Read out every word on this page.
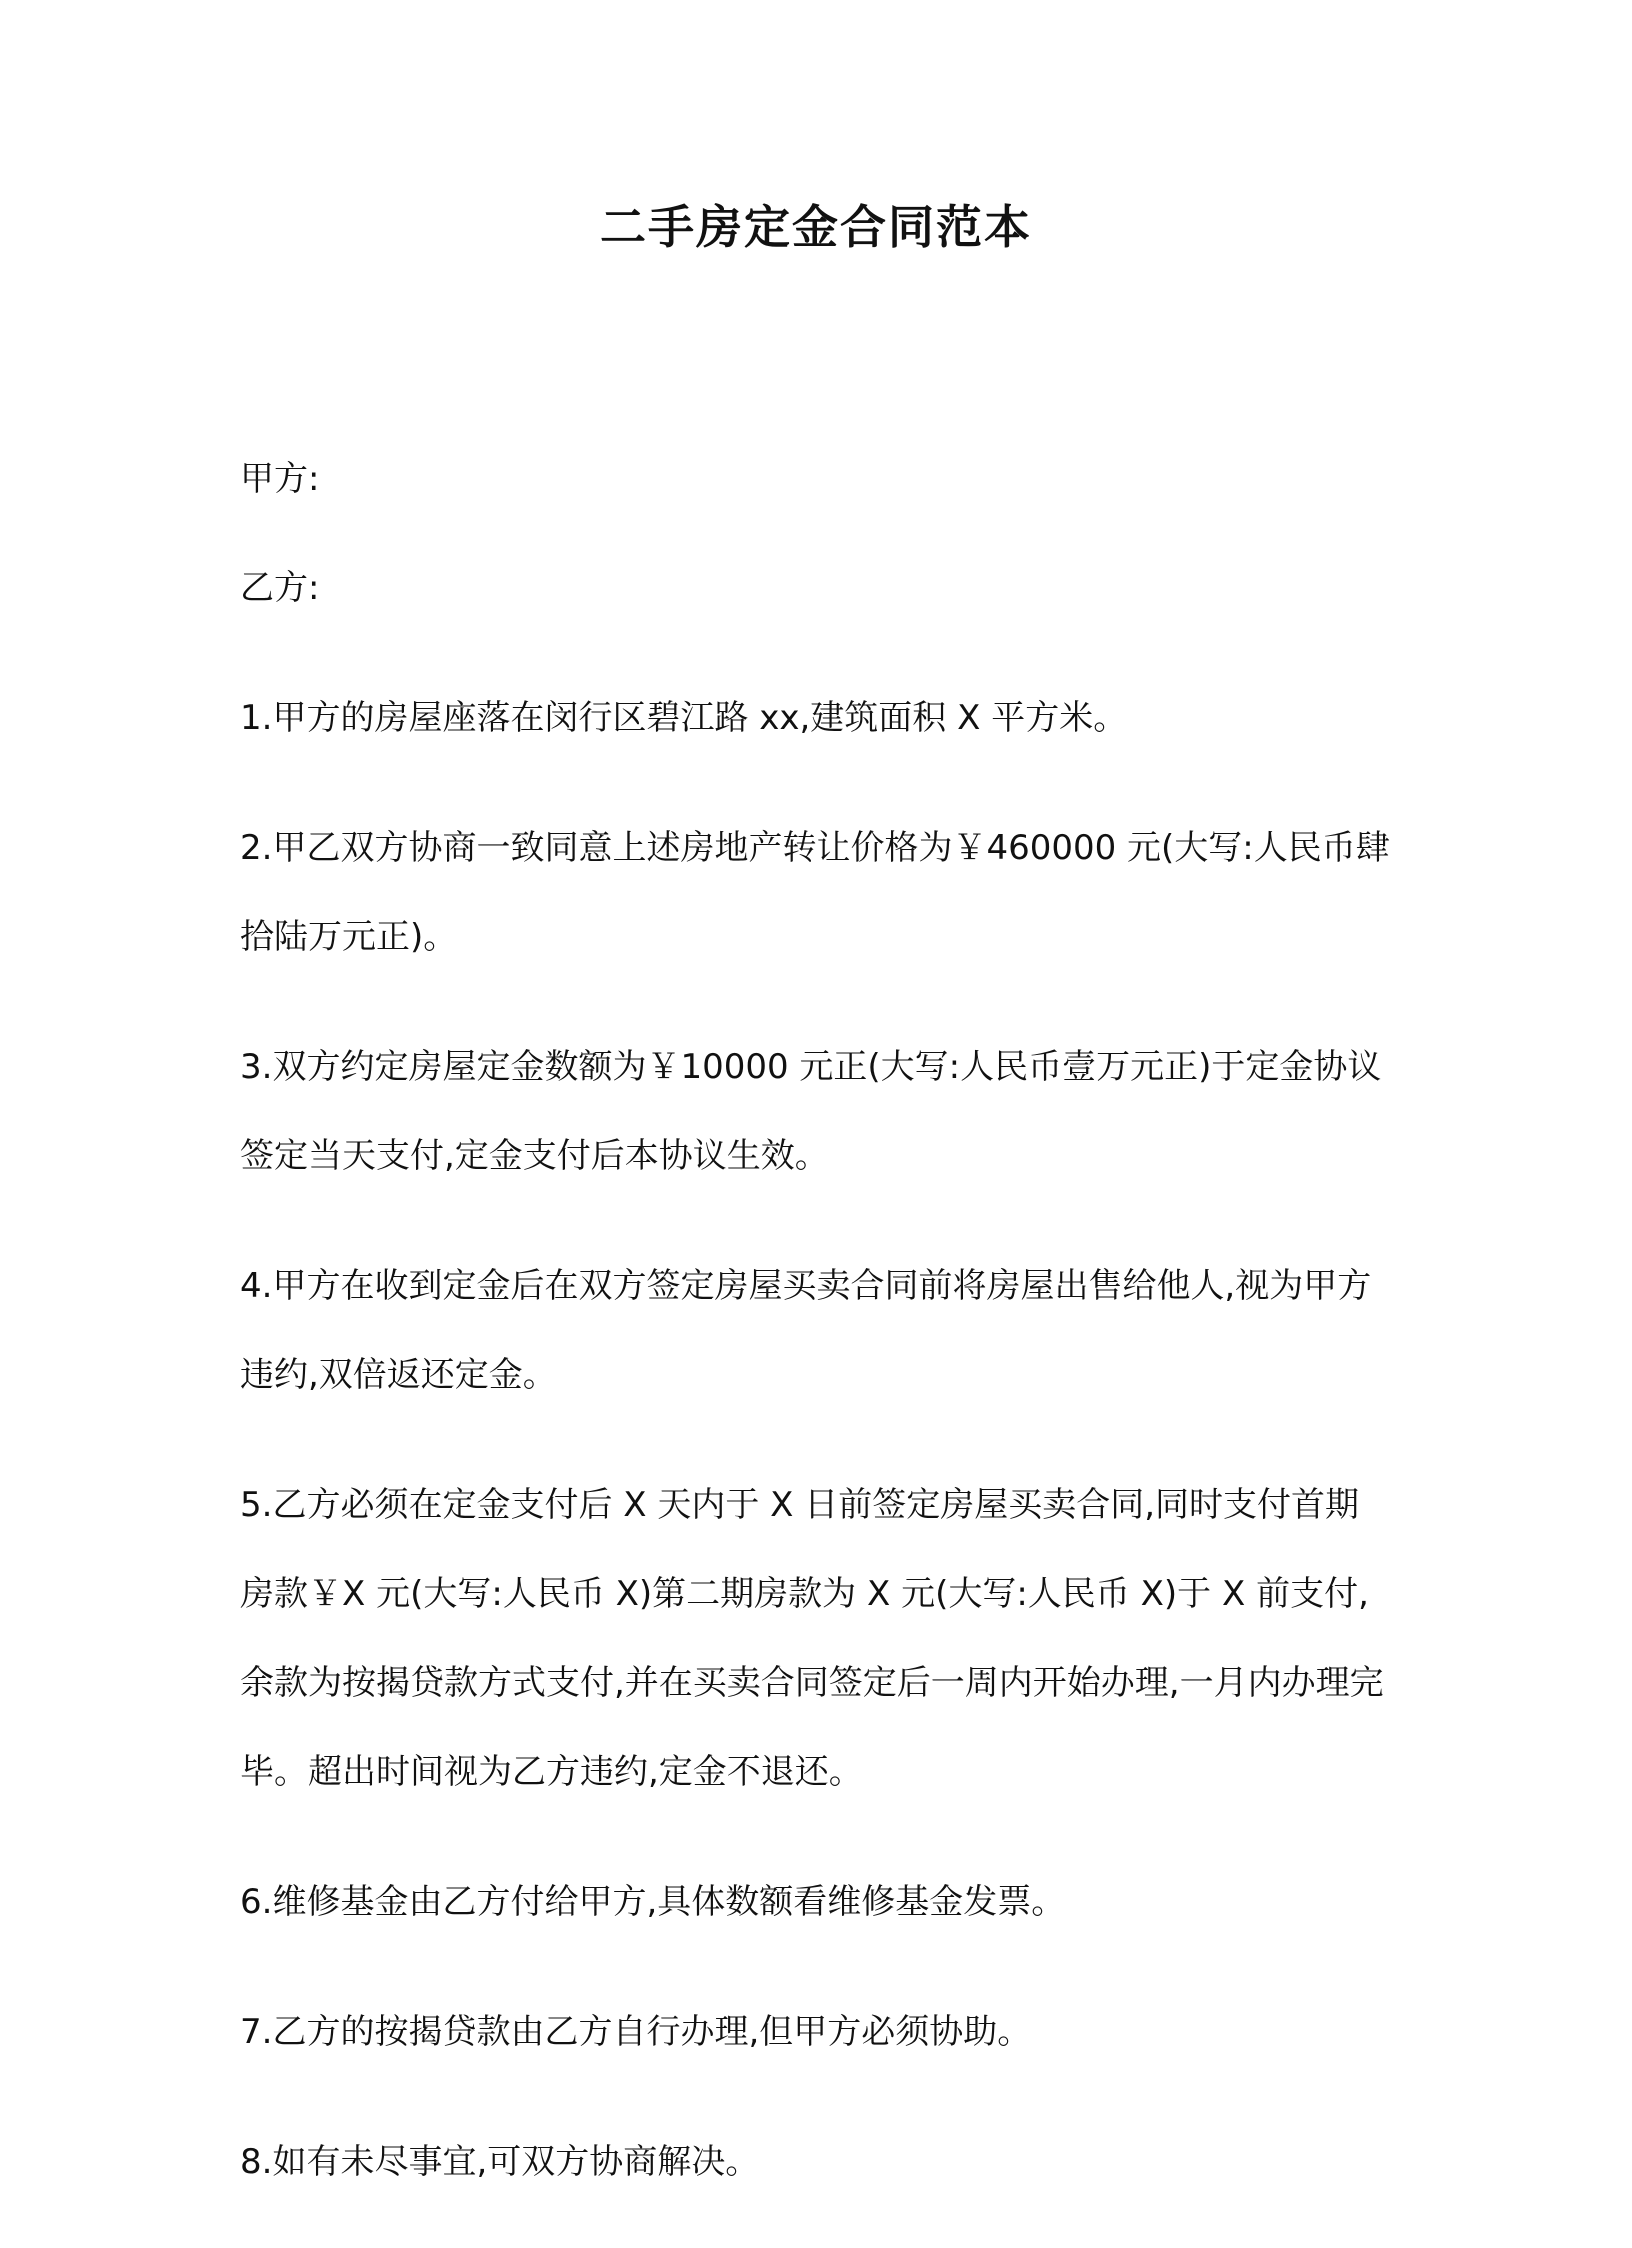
二手房定金合同范本

甲方:

乙方:

1.甲方的房屋座落在闵行区碧江路 xx,建筑面积 X 平方米。

2.甲乙双方协商一致同意上述房地产转让价格为￥460000 元(大写:人民币肆拾陆万元正)。

3.双方约定房屋定金数额为￥10000 元正(大写:人民币壹万元正)于定金协议签定当天支付,定金支付后本协议生效。

4.甲方在收到定金后在双方签定房屋买卖合同前将房屋出售给他人,视为甲方违约,双倍返还定金。

5.乙方必须在定金支付后 X 天内于 X 日前签定房屋买卖合同,同时支付首期房款￥X 元(大写:人民币 X)第二期房款为 X 元(大写:人民币 X)于 X 前支付,余款为按揭贷款方式支付,并在买卖合同签定后一周内开始办理,一月内办理完毕。超出时间视为乙方违约,定金不退还。

6.维修基金由乙方付给甲方,具体数额看维修基金发票。

7.乙方的按揭贷款由乙方自行办理,但甲方必须协助。

8.如有未尽事宜,可双方协商解决。
